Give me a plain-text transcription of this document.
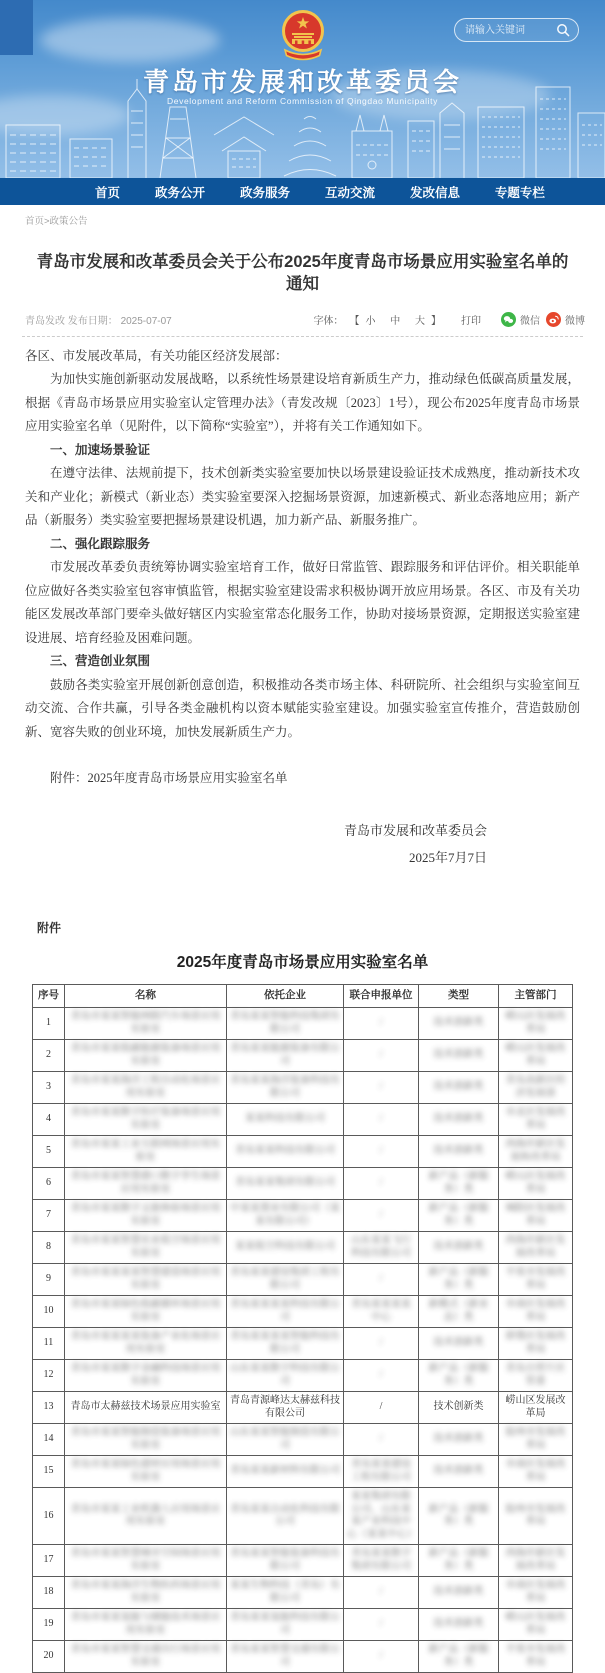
青岛市发展和改革委员会
Development and Reform Commission of Qingdao Municipality
请输入关键词
首页	政务公开	政务服务	互动交流	发改信息	专题专栏
首页>政策公告
青岛市发展和改革委员会关于公布2025年度青岛市场景应用实验室名单的通知
青岛发改 发布日期： 2025-07-07	字体： 【 小
中
大 】 打印	微信	微博

各区、市发展改革局，有关功能区经济发展部：

为加快实施创新驱动发展战略，以系统性场景建设培育新质生产力，推动绿色低碳高质量发展，根据《青岛市场景应用实验室认定管理办法》（青发改规〔2023〕1号），现公布2025年度青岛市场景应用实验室名单（见附件，以下简称“实验室”），并将有关工作通知如下。

一、加速场景验证

在遵守法律、法规前提下，技术创新类实验室要加快以场景建设验证技术成熟度，推动新技术攻关和产业化；新模式（新业态）类实验室要深入挖掘场景资源，加速新模式、新业态落地应用；新产品（新服务）类实验室要把握场景建设机遇，加力新产品、新服务推广。

二、强化跟踪服务

市发展改革委负责统筹协调实验室培育工作，做好日常监管、跟踪服务和评估评价。相关职能单位应做好各类实验室包容审慎监管，根据实验室建设需求积极协调开放应用场景。各区、市及有关功能区发展改革部门要牵头做好辖区内实验室常态化服务工作，协助对接场景资源，定期报送实验室建设进展、培育经验及困难问题。

三、营造创业氛围

鼓励各类实验室开展创新创意创造，积极推动各类市场主体、科研院所、社会组织与实验室间互动交流、合作共赢，引导各类金融机构以资本赋能实验室建设。加强实验室宣传推介，营造鼓励创新、宽容失败的创业环境，加快发展新质生产力。

附件：2025年度青岛市场景应用实验室名单
青岛市发展和改革委员会
2025年7月7日
附件
2025年度青岛市场景应用实验室名单
序号	名称	依托企业	联合申报单位	类型	主管部门
1	青岛市某某智能网联汽车场景应用实验室	青岛某某智能科技集团有限公司	/	技术创新类	崂山区发展改革局
2	青岛市某某低碳能源装备场景应用实验室	青岛某某能源装备有限公司	/	技术创新类	崂山区发展改革局
3	青岛市某某海洋工程自动化场景应用实验室	青岛某某海洋装备科技有限公司	/	技术创新类	青岛高新区经济发展部
4	青岛市某某数字医疗装备场景应用实验室	某某科技有限公司	/	技术创新类	市北区发展改革局
5	青岛市某某工业互联网场景应用实验室	青岛某某科技有限公司	/	技术创新类	西海岸新区发展和改革局
6	青岛市某某智慧港口数字孪生场景应用实验室	青岛某某集团有限公司	/	新产品（新服务）类	崂山区发展改革局
7	青岛市某某数字文旅体验场景应用实验室	中某某置业有限公司（某某有限公司）	/	新产品（新服务）类	城阳区发展改革局
8	青岛市某某智慧农业低空场景应用实验室	某某低空科技有限公司	山东某某飞行科技有限公司	技术创新类	西海岸新区发展改革局
9	青岛市某某某某智慧建造场景应用实验室	青岛某某建设集团工程有限公司	/	新产品（新服务）类	平度市发展改革局
10	青岛市某某绿色低碳循环场景应用实验室	青岛某某某某科技有限公司	青岛某某某某中心	新模式（新业态）类	市南区发展改革局
11	青岛市某某某某装备产业化场景应用实验室	青岛某某某某智能科技有限公司	/	技术创新类	即墨区发展改革局
12	青岛市某某数字金融科技场景应用实验室	山东某某数字科技有限公司	/	新产品（新服务）类	青岛自贸片区管委
13	青岛市太赫兹技术场景应用实验室	青岛青源峰达太赫兹科技有限公司	/	技术创新类	崂山区发展改革局
14	青岛市某某智能制造装备场景应用实验室	山东某某智能制造有限公司	/	技术创新类	胶州市发展改革局
15	青岛市某某绿色建材应用场景应用实验室	青岛某某新材料有限公司	青岛某某建设工程有限公司	技术创新类	市南区发展改革局
16	青岛市某某工业机器人应用场景应用实验室	青岛某某自动化科技有限公司	某某集团有限公司、山东某某产业科技中心（某某中心）	新产品（新服务）类	胶州市发展改革局
17	青岛市某某智慧城市空间场景应用实验室	青岛某某智能装备科技有限公司	青岛某某数字集团有限公司	新产品（新服务）类	西海岸新区发展改革局
18	青岛市某某海洋生物医药场景应用实验室	某某生物科技（青岛）有限公司	/	技术创新类	市南区发展改革局
19	青岛市某某氢能与储能技术场景应用实验室	青岛某某氢能科技有限公司	/	技术创新类	崂山区发展改革局
20	青岛市某某智慧交通出行场景应用实验室	青岛某某智慧交通有限公司	/	新产品（新服务）类	平度市发展改革局
